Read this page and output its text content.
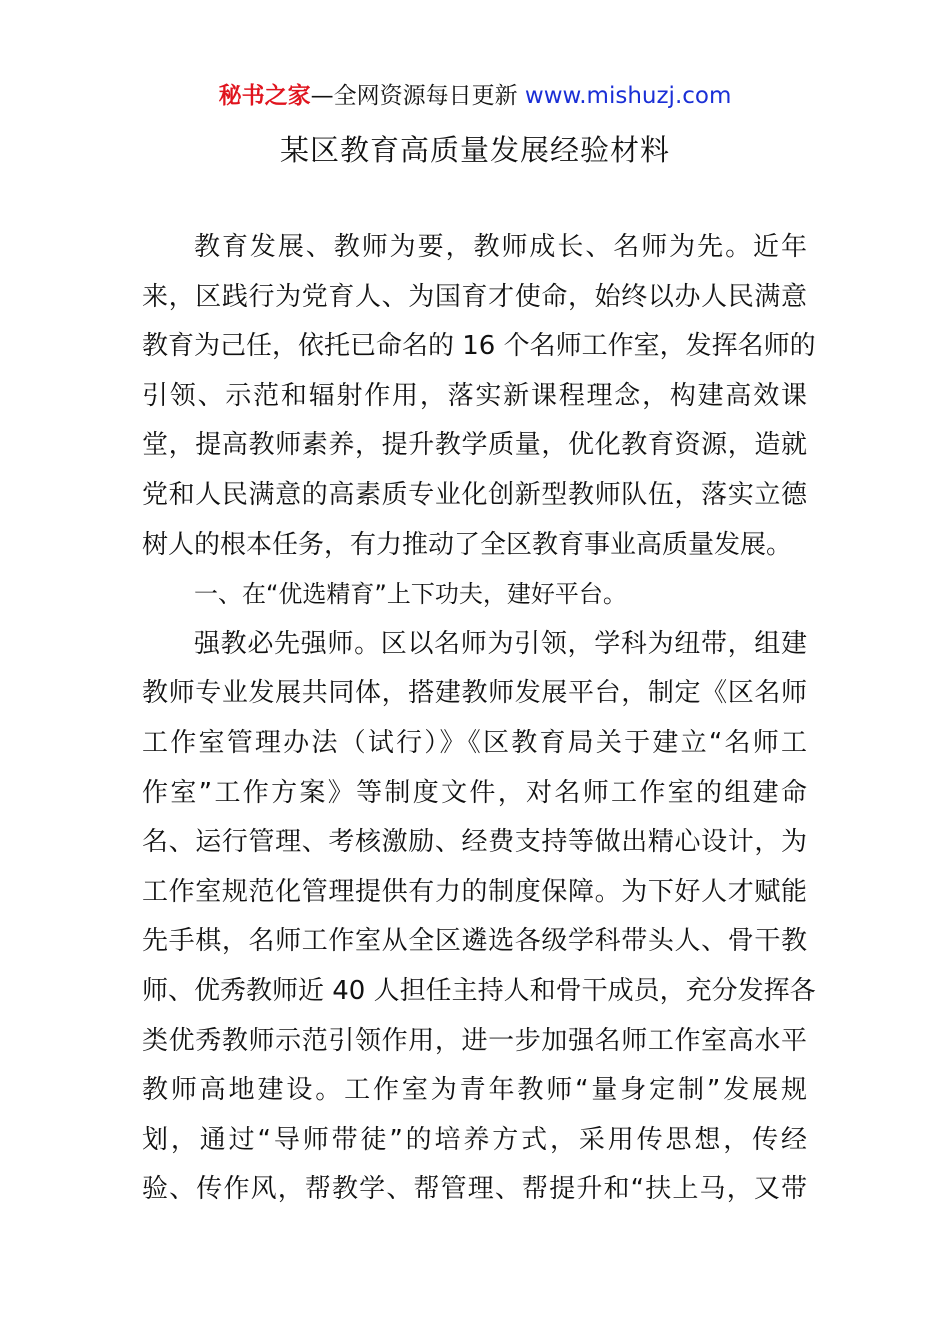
秘书之家—全网资源每日更新 www.mishuzj.com
某区教育高质量发展经验材料
教育发展、教师为要，教师成长、名师为先。近年
来，区践行为党育人、为国育才使命，始终以办人民满意
教育为己任，依托已命名的 16 个名师工作室，发挥名师的
引领、示范和辐射作用，落实新课程理念，构建高效课
堂，提高教师素养，提升教学质量，优化教育资源，造就
党和人民满意的高素质专业化创新型教师队伍，落实立德
树人的根本任务，有力推动了全区教育事业高质量发展。
一、在“优选精育”上下功夫，建好平台。
强教必先强师。区以名师为引领，学科为纽带，组建
教师专业发展共同体，搭建教师发展平台，制定《区名师
工作室管理办法（试行）》《区教育局关于建立“名师工
作室”工作方案》等制度文件，对名师工作室的组建命
名、运行管理、考核激励、经费支持等做出精心设计，为
工作室规范化管理提供有力的制度保障。为下好人才赋能
先手棋，名师工作室从全区遴选各级学科带头人、骨干教
师、优秀教师近 40 人担任主持人和骨干成员，充分发挥各
类优秀教师示范引领作用，进一步加强名师工作室高水平
教师高地建设。工作室为青年教师“量身定制”发展规
划，通过“导师带徒”的培养方式，采用传思想，传经
验、传作风，帮教学、帮管理、帮提升和“扶上马，又带
